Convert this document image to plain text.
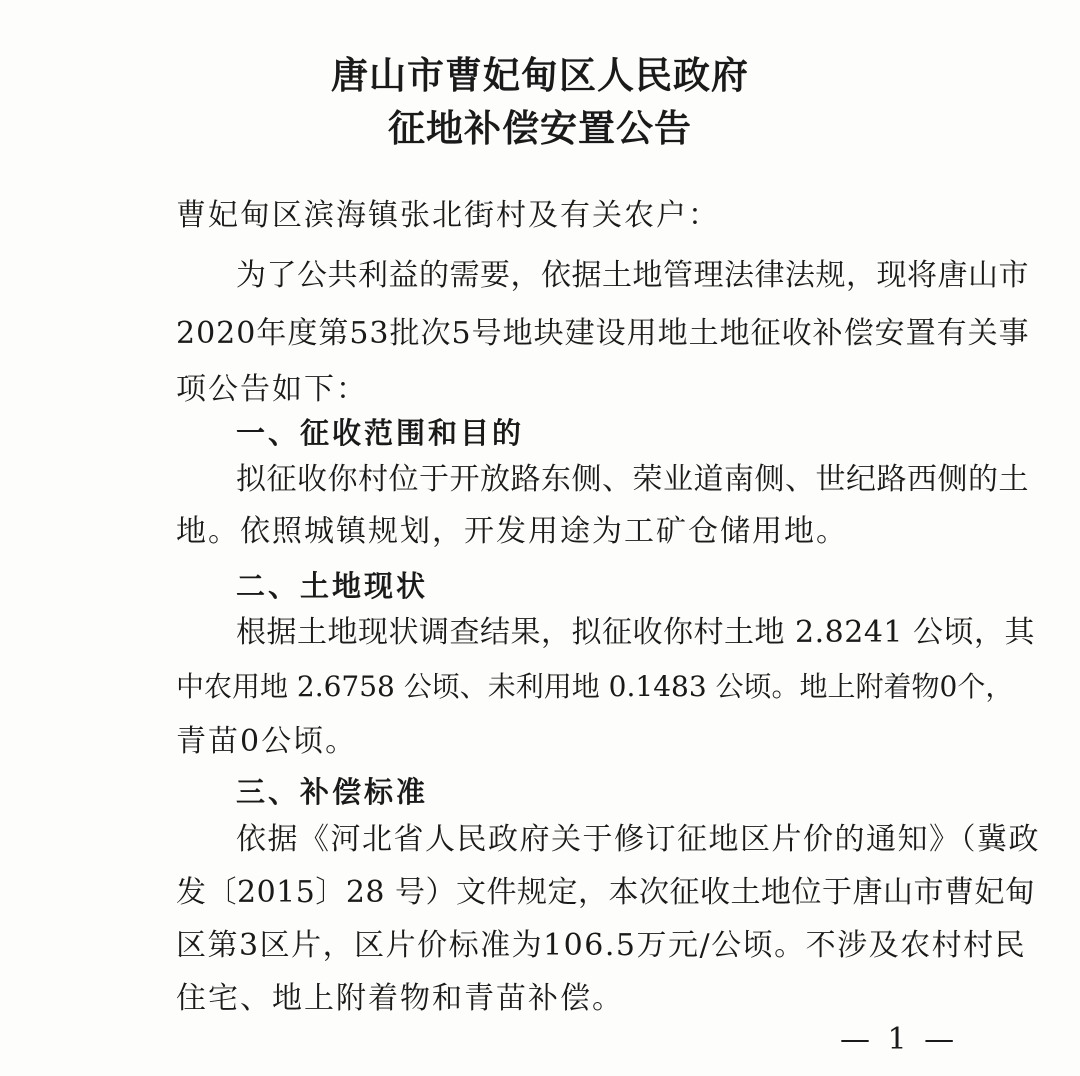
唐山市曹妃甸区人民政府
征地补偿安置公告
曹妃甸区滨海镇张北街村及有关农户：
为了公共利益的需要，依据土地管理法律法规，现将唐山市
2020年度第53批次5号地块建设用地土地征收补偿安置有关事
项公告如下：
一、征收范围和目的
拟征收你村位于开放路东侧、荣业道南侧、世纪路西侧的土
地。依照城镇规划，开发用途为工矿仓储用地。
二、土地现状
根据土地现状调查结果，拟征收你村土地 2.8241 公顷，其
中农用地 2.6758 公顷、未利用地 0.1483 公顷。地上附着物0个，
青苗0公顷。
三、补偿标准
依据《河北省人民政府关于修订征地区片价的通知》（冀政
发〔2015〕28 号）文件规定，本次征收土地位于唐山市曹妃甸
区第3区片，区片价标准为106.5万元/公顷。不涉及农村村民
住宅、地上附着物和青苗补偿。
— 1 —
